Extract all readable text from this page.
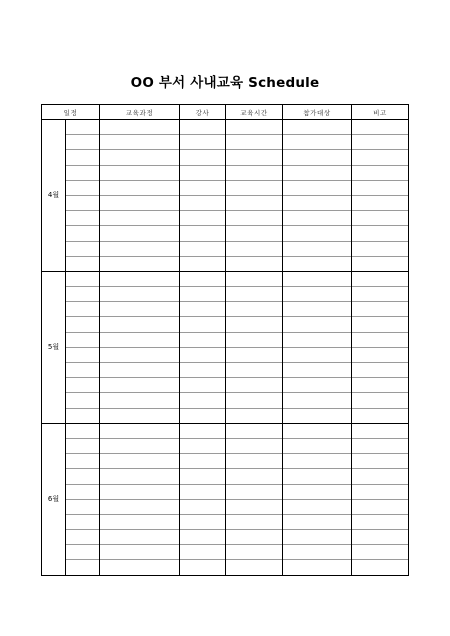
OO 부서 사내교육 Schedule
일정		교육과정	강사	교육시간	참가대상	비고
4월						

5월						

6월						
